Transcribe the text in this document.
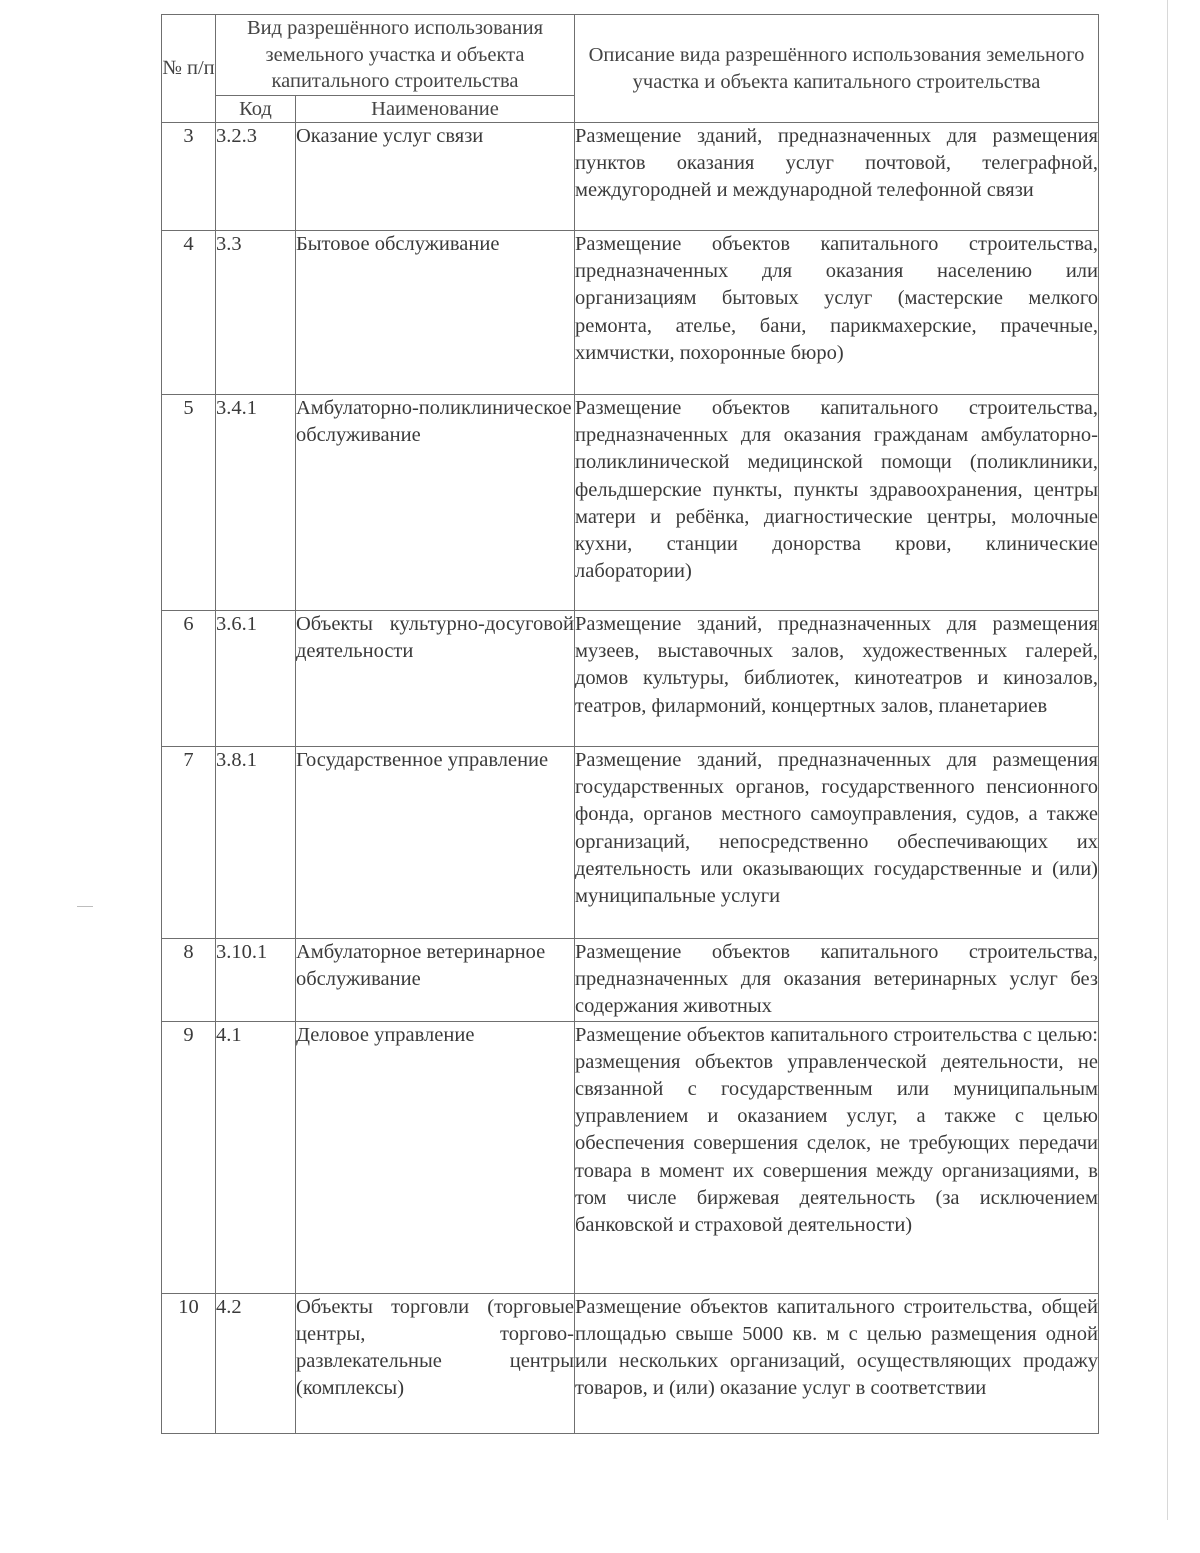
№ п/п	Вид разрешённого использования земельного участка и объекта капитального строительства		Описание вида разрешённого использования земельного участка и объекта капитального строительства
	Код	Наименование	
3	3.2.3	Оказание услуг связи	Размещение зданий, предназначенных для размещения пунктов оказания услуг почтовой, телеграфной, междугородней и международной телефонной связи
4	3.3	Бытовое обслуживание	Размещение объектов капитального строительства, предназначенных для оказания населению или организациям бытовых услуг (мастерские мелкого ремонта, ателье, бани, парикмахерские, прачечные, химчистки, похоронные бюро)
5	3.4.1	Амбулаторно-поликлиническое обслуживание	Размещение объектов капитального строительства, предназначенных для оказания гражданам амбулаторно-поликлинической медицинской помощи (поликлиники, фельдшерские пункты, пункты здравоохранения, центры матери и ребёнка, диагностические центры, молочные кухни, станции донорства крови, клинические лаборатории)
6	3.6.1	Объекты культурно-досуговой деятельности	Размещение зданий, предназначенных для размещения музеев, выставочных залов, художественных галерей, домов культуры, библиотек, кинотеатров и кинозалов, театров, филармоний, концертных залов, планетариев
7	3.8.1	Государственное управление	Размещение зданий, предназначенных для размещения государственных органов, государственного пенсионного фонда, органов местного самоуправления, судов, а также организаций, непосредственно обеспечивающих их деятельность или оказывающих государственные и (или) муниципальные услуги
8	3.10.1	Амбулаторное ветеринарное обслуживание	Размещение объектов капитального строительства, предназначенных для оказания ветеринарных услуг без содержания животных
9	4.1	Деловое управление	Размещение объектов капитального строительства с целью: размещения объектов управленческой деятельности, не связанной с государственным или муниципальным управлением и оказанием услуг, а также с целью обеспечения совершения сделок, не требующих передачи товара в момент их совершения между организациями, в том числе биржевая деятельность (за исключением банковской и страховой деятельности)
10	4.2	Объекты торговли (торговые центры, торгово-развлекательные центры (комплексы)	Размещение объектов капитального строительства, общей площадью свыше 5000 кв. м с целью размещения одной или нескольких организаций, осуществляющих продажу товаров, и (или) оказание услуг в соответствии
